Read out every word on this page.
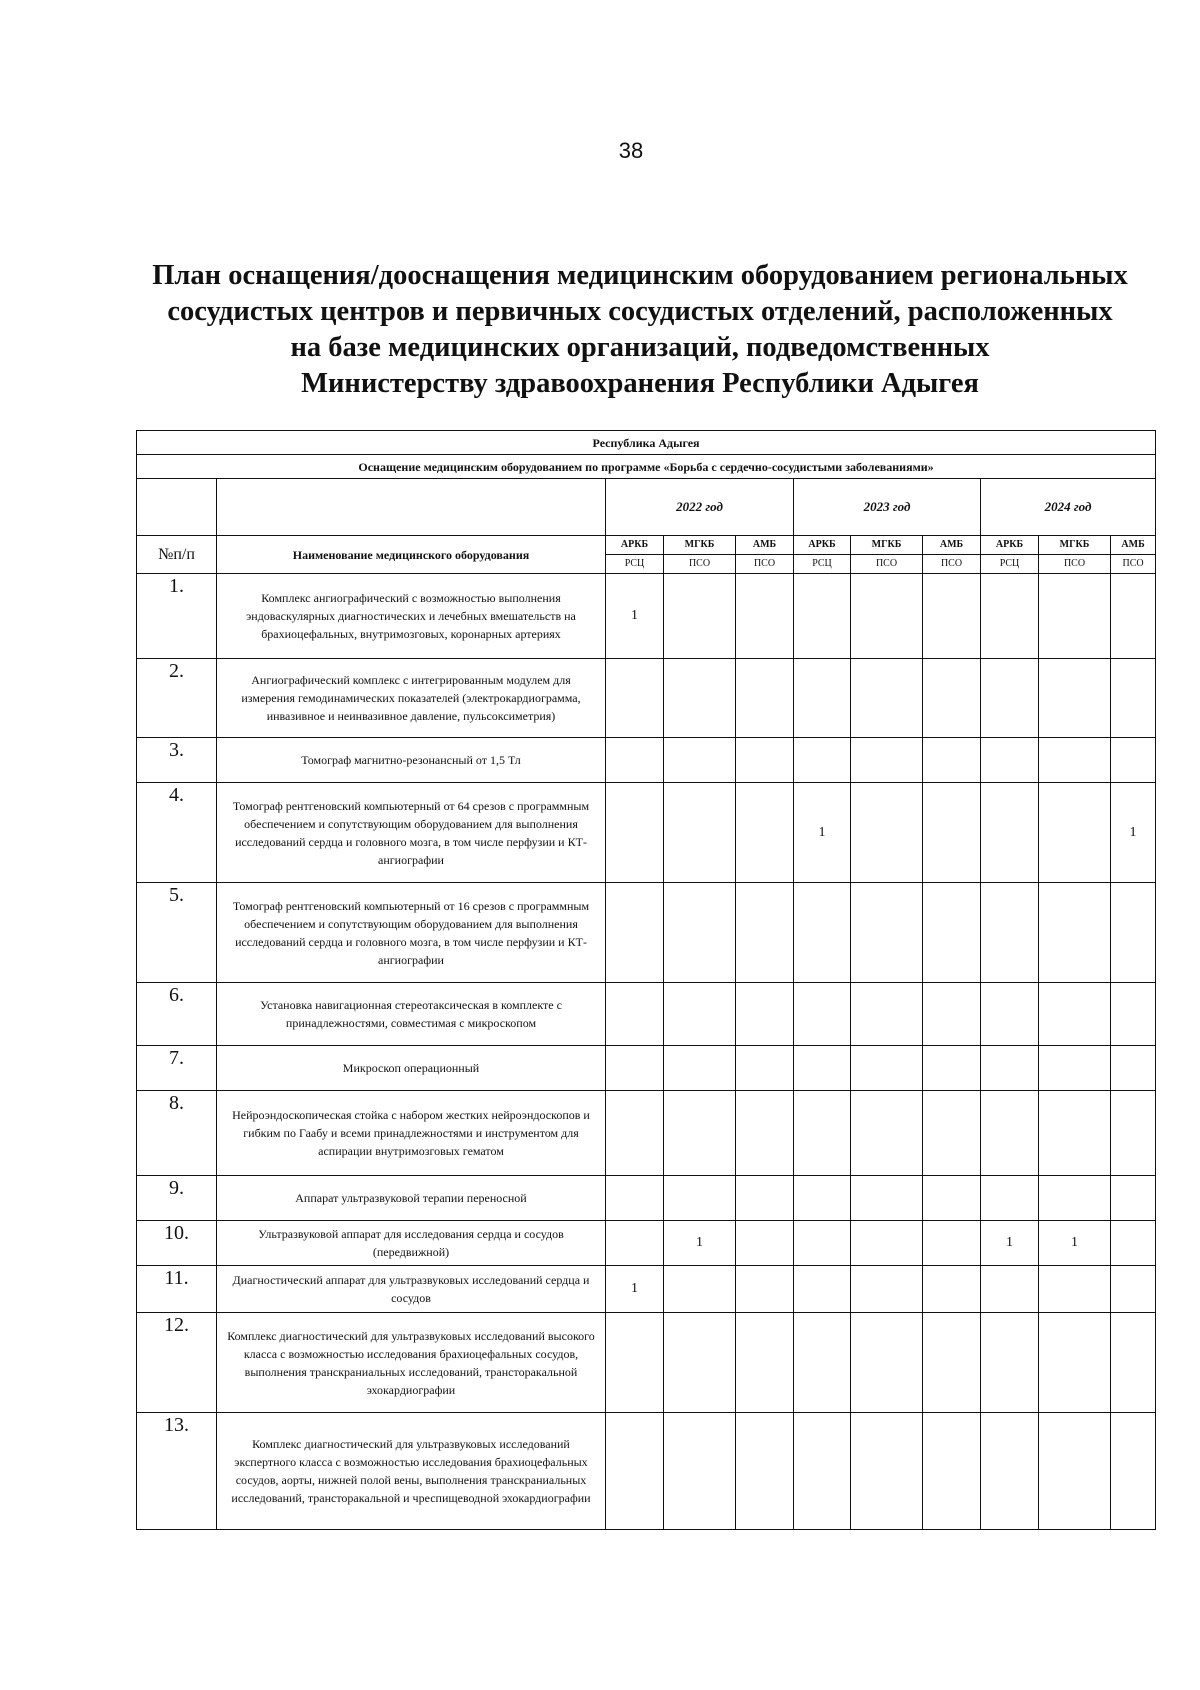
38
План оснащения/дооснащения медицинским оборудованием региональных
сосудистых центров и первичных сосудистых отделений, расположенных
на базе медицинских организаций, подведомственных
Министерству здравоохранения Республики Адыгея
Республика Адыгея										
Оснащение медицинским оборудованием по программе «Борьба с сердечно-сосудистыми заболеваниями»										
		2022 год			2023 год			2024 год		
№п/п	Наименование медицинского оборудования	АРКБ	МГКБ	АМБ	АРКБ	МГКБ	АМБ	АРКБ	МГКБ	АМБ
		РСЦ	ПСО	ПСО	РСЦ	ПСО	ПСО	РСЦ	ПСО	ПСО
1.	Комплекс ангиографический с возможностью выполнения эндоваскулярных диагностических и лечебных вмешательств на брахиоцефальных, внутримозговых, коронарных артериях	1								
2.	Ангиографический комплекс с интегрированным модулем для измерения гемодинамических показателей (электрокардиограмма, инвазивное и неинвазивное давление, пульсоксиметрия)									
3.	Томограф магнитно-резонансный от 1,5 Тл									
4.	Томограф рентгеновский компьютерный от 64 срезов с программным обеспечением и сопутствующим оборудованием для выполнения исследований сердца и головного мозга, в том числе перфузии и КТ-ангиографии				1					1
5.	Томограф рентгеновский компьютерный от 16 срезов с программным обеспечением и сопутствующим оборудованием для выполнения исследований сердца и головного мозга, в том числе перфузии и КТ-ангиографии									
6.	Установка навигационная стереотаксическая в комплекте с принадлежностями, совместимая с микроскопом									
7.	Микроскоп операционный									
8.	Нейроэндоскопическая стойка с набором жестких нейроэндоскопов и гибким по Гаабу и всеми принадлежностями и инструментом для аспирации внутримозговых гематом									
9.	Аппарат ультразвуковой терапии переносной									
10.	Ультразвуковой аппарат для исследования сердца и сосудов (передвижной)		1					1	1	
11.	Диагностический аппарат для ультразвуковых исследований сердца и сосудов	1								
12.	Комплекс диагностический для ультразвуковых исследований высокого класса с возможностью исследования брахиоцефальных сосудов, выполнения транскраниальных исследований, трансторакальной эхокардиографии									
13.	Комплекс диагностический для ультразвуковых исследований экспертного класса с возможностью исследования брахиоцефальных сосудов, аорты, нижней полой вены, выполнения транскраниальных исследований, трансторакальной и чреспищеводной эхокардиографии									
